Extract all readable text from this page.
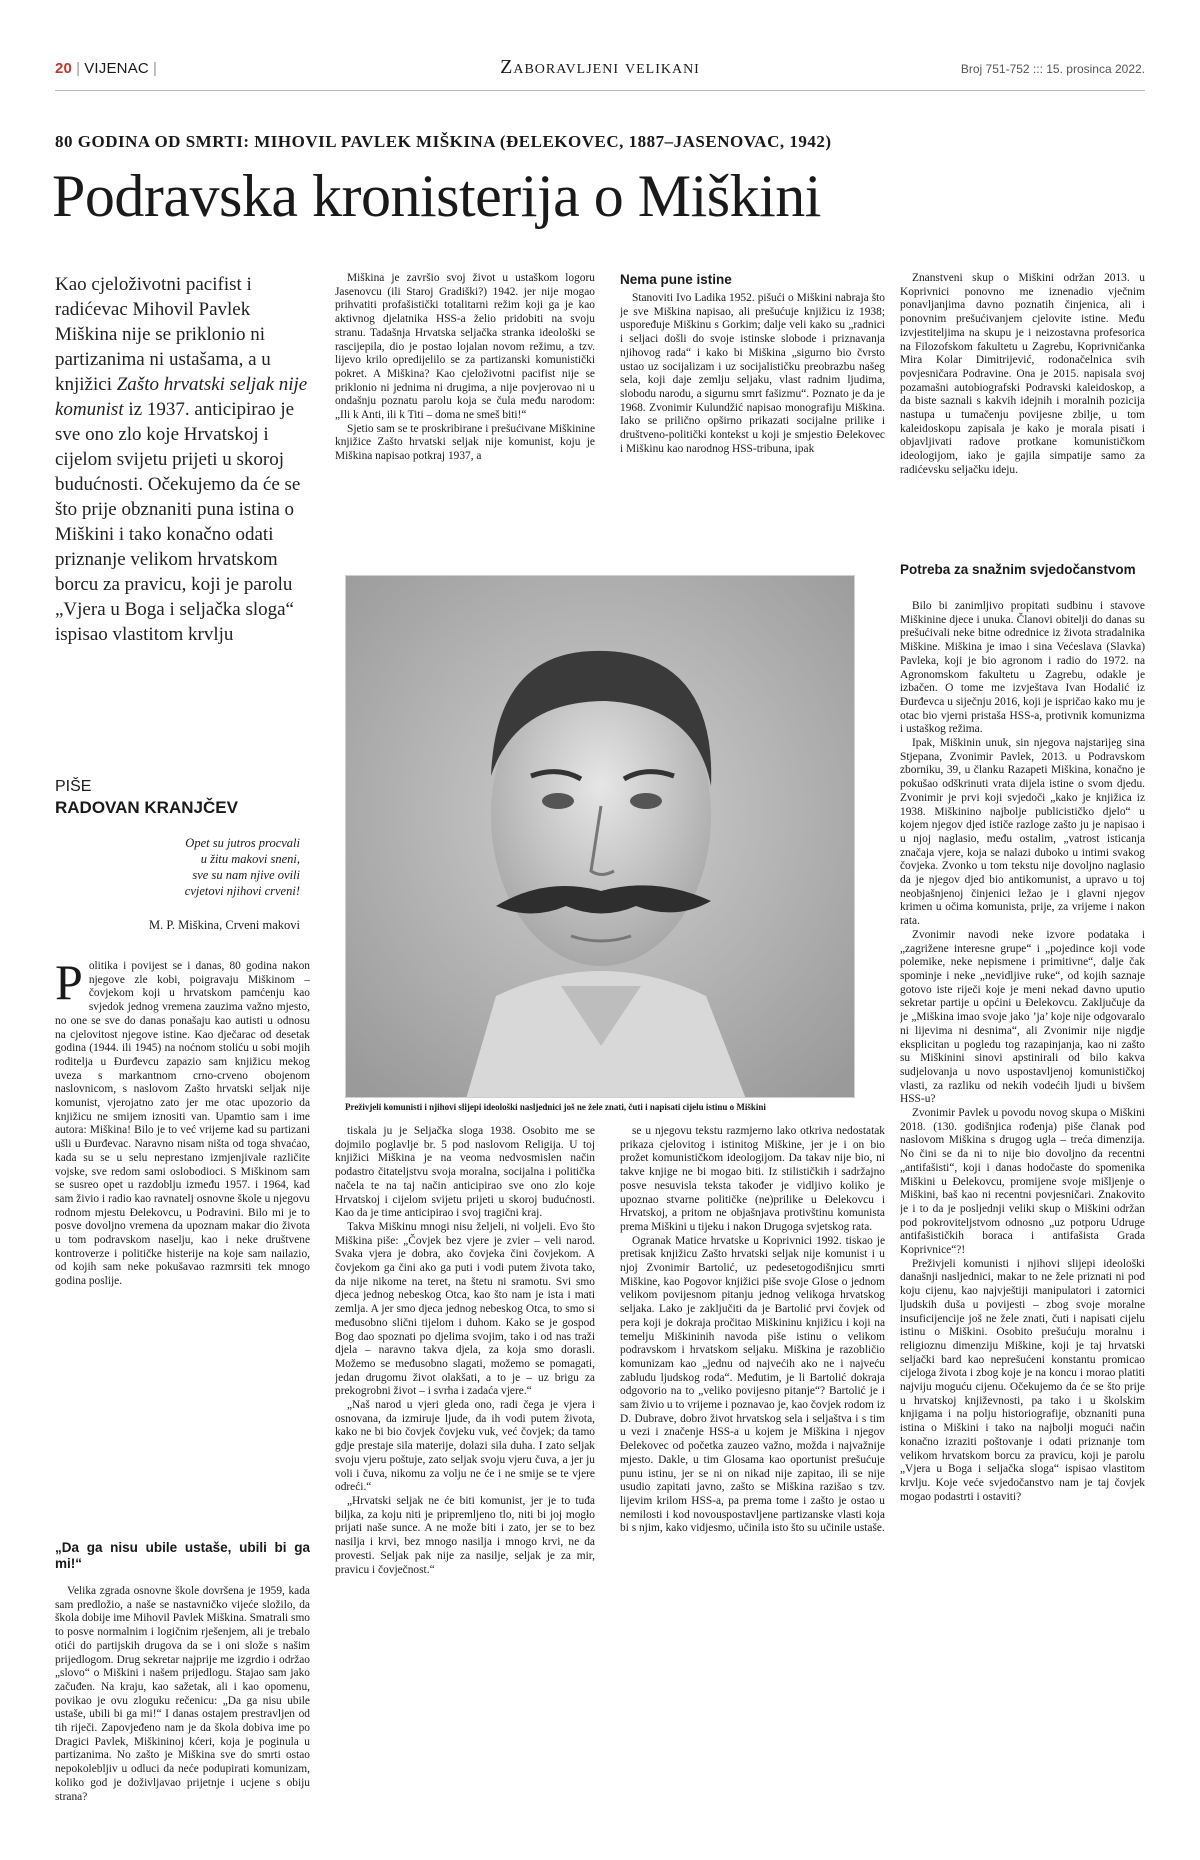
20 | VIJENAC |	Zaboravljeni velikani	Broj 751-752 ::: 15. prosinca 2022.
80 GODINA OD SMRTI: MIHOVIL PAVLEK MIŠKINA (ĐELEKOVEC, 1887–JASENOVAC, 1942)
Podravska kronisterija o Miškini
Kao cjeloživotni pacifist i radićevac Mihovil Pavlek Miškina nije se priklonio ni partizanima ni ustašama, a u knjižici Zašto hrvatski seljak nije komunist iz 1937. anticipirao je sve ono zlo koje Hrvatskoj i cijelom svijetu prijeti u skoroj budućnosti. Očekujemo da će se što prije obznaniti puna istina o Miškini i tako konačno odati priznanje velikom hrvatskom borcu za pravicu, koji je parolu „Vjera u Boga i seljačka sloga“ ispisao vlastitom krvlju
PIŠE
RADOVAN KRANJČEV
Opet su jutros procvali
u žitu makovi sneni,
sve su nam njive ovili
cvjetovi njihovi crveni!
M. P. Miškina, Crveni makovi

Politika i povijest se i danas, 80 godina nakon njegove zle kobi, poigravaju Miškinom – čovjekom koji u hrvatskom pamćenju kao svjedok jednog vremena zauzima važno mjesto, no one se sve do danas ponašaju kao autisti u odnosu na cjelovitost njegove istine. Kao dječarac od desetak godina (1944. ili 1945) na noćnom stoliću u sobi mojih roditelja u Đurđevcu zapazio sam knjižicu mekog uveza s markantnom crno-crveno obojenom naslovnicom, s naslovom Zašto hrvatski seljak nije komunist, vjerojatno zato jer me otac upozorio da knjižicu ne smijem iznositi van. Upamtio sam i ime autora: Miškina! Bilo je to već vrijeme kad su partizani ušli u Đurđevac. Naravno nisam ništa od toga shvaćao, kada su se u selu neprestano izmjenjivale različite vojske, sve redom sami oslobodioci. S Miškinom sam se susreo opet u razdoblju između 1957. i 1964, kad sam živio i radio kao ravnatelj osnovne škole u njegovu rodnom mjestu Đelekovcu, u Podravini. Bilo mi je to posve dovoljno vremena da upoznam makar dio života u tom podravskom naselju, kao i neke društvene kontroverze i političke histerije na koje sam nailazio, od kojih sam neke pokušavao razmrsiti tek mnogo godina poslije.

„Da ga nisu ubile ustaše, ubili bi ga mi!“

Velika zgrada osnovne škole dovršena je 1959, kada sam predložio, a naše se nastavničko vijeće složilo, da škola dobije ime Mihovil Pavlek Miškina. Smatrali smo to posve normalnim i logičnim rješenjem, ali je trebalo otići do partijskih drugova da se i oni slože s našim prijedlogom. Drug sekretar najprije me izgrdio i održao „slovo“ o Miškini i našem prijedlogu. Stajao sam jako začuđen. Na kraju, kao sažetak, ali i kao opomenu, povikao je ovu zloguku rečenicu: „Da ga nisu ubile ustaše, ubili bi ga mi!“ I danas ostajem prestravljen od tih riječi. Zapovjeđeno nam je da škola dobiva ime po Dragici Pavlek, Miškininoj kćeri, koja je poginula u partizanima. No zašto je Miškina sve do smrti ostao nepokolebljiv u odluci da neće podupirati komunizam, koliko god je doživljavao prijetnje i ucjene s obiju strana?

Miškina je završio svoj život u ustaškom logoru Jasenovcu (ili Staroj Gradiški?) 1942. jer nije mogao prihvatiti profašistički totalitarni režim koji ga je kao aktivnog djelatnika HSS-a želio pridobiti na svoju stranu. Tadašnja Hrvatska seljačka stranka ideološki se rascijepila, dio je postao lojalan novom režimu, a tzv. lijevo krilo opredijelilo se za partizanski komunistički pokret. A Miškina? Kao cjeloživotni pacifist nije se priklonio ni jednima ni drugima, a nije povjerovao ni u ondašnju poznatu parolu koja se čula među narodom: „Ili k Anti, ili k Titi – doma ne smeš biti!“

Sjetio sam se te proskribirane i prešućivane Miškinine knjižice Zašto hrvatski seljak nije komunist, koju je Miškina napisao potkraj 1937, a

Nema pune istine

Stanoviti Ivo Ladika 1952. pišući o Miškini nabraja što je sve Miškina napisao, ali prešućuje knjižicu iz 1938; uspoređuje Miškinu s Gorkim; dalje veli kako su „radnici i seljaci došli do svoje istinske slobode i priznavanja njihovog rada“ i kako bi Miškina „sigurno bio čvrsto ustao uz socijalizam i uz socijalističku preobrazbu našeg sela, koji daje zemlju seljaku, vlast radnim ljudima, slobodu narodu, a sigurnu smrt fašizmu“. Poznato je da je 1968. Zvonimir Kulundžić napisao monografiju Miškina. Iako se prilično opširno prikazati socijalne prilike i društveno-politički kontekst u koji je smjestio Đelekovec i Miškinu kao narodnog HSS-tribuna, ipak

Preživjeli komunisti i njihovi slijepi ideološki nasljednici još ne žele znati, čuti i napisati cijelu istinu o Miškini

tiskala ju je Seljačka sloga 1938. Osobito me se dojmilo poglavlje br. 5 pod naslovom Religija. U toj knjižici Miškina je na veoma nedvosmislen način podastro čitateljstvu svoja moralna, socijalna i politička načela te na taj način anticipirao sve ono zlo koje Hrvatskoj i cijelom svijetu prijeti u skoroj budućnosti. Kao da je time anticipirao i svoj tragični kraj.

Takva Miškinu mnogi nisu željeli, ni voljeli. Evo što Miškina piše: „Čovjek bez vjere je zvier – veli narod. Svaka vjera je dobra, ako čovjeka čini čovjekom. A čovjekom ga čini ako ga puti i vodi putem života tako, da nije nikome na teret, na štetu ni sramotu. Svi smo djeca jednog nebeskog Otca, kao što nam je ista i mati zemlja. A jer smo djeca jednog nebeskog Otca, to smo si međusobno slični tijelom i duhom. Kako se je gospod Bog dao spoznati po djelima svojim, tako i od nas traži djela – naravno takva djela, za koja smo dorasli. Možemo se međusobno slagati, možemo se pomagati, jedan drugomu život olakšati, a to je – uz brigu za prekogrobni život – i svrha i zadaća vjere.“

„Naš narod u vjeri gleda ono, radi čega je vjera i osnovana, da izmiruje ljude, da ih vodi putem života, kako ne bi bio čovjek čovjeku vuk, već čovjek; da tamo gdje prestaje sila materije, dolazi sila duha. I zato seljak svoju vjeru poštuje, zato seljak svoju vjeru čuva, a jer ju voli i čuva, nikomu za volju ne će i ne smije se te vjere odreći.“

„Hrvatski seljak ne će biti komunist, jer je to tuđa biljka, za koju niti je pripremljeno tlo, niti bi joj mogło prijati naše sunce. A ne može biti i zato, jer se to bez nasilja i krvi, bez mnogo nasilja i mnogo krvi, ne da provesti. Seljak pak nije za nasilje, seljak je za mir, pravicu i čovječnost.“

se u njegovu tekstu razmjerno lako otkriva nedostatak prikaza cjelovitog i istinitog Miškine, jer je i on bio prožet komunističkom ideologijom. Da takav nije bio, ni takve knjige ne bi mogao biti. Iz stilističkih i sadržajno posve nesuvisla teksta također je vidljivo koliko je upoznao stvarne političke (ne)prilike u Đelekovcu i Hrvatskoj, a pritom ne objašnjava protivštinu komunista prema Miškini u tijeku i nakon Drugoga svjetskog rata.

Ogranak Matice hrvatske u Koprivnici 1992. tiskao je pretisak knjižicu Zašto hrvatski seljak nije komunist i u njoj Zvonimir Bartolić, uz pedesetogodišnjicu smrti Miškine, kao Pogovor knjižici piše svoje Glose o jednom velikom povijesnom pitanju jednog velikoga hrvatskog seljaka. Lako je zaključiti da je Bartolić prvi čovjek od pera koji je dokraja pročitao Miškininu knjižicu i koji na temelju Miškininih navoda piše istinu o velikom podravskom i hrvatskom seljaku. Miškina je razobličio komunizam kao „jednu od najvećih ako ne i najveću zabludu ljudskog roda“. Međutim, je li Bartolić dokraja odgovorio na to „veliko povijesno pitanje“? Bartolić je i sam živio u to vrijeme i poznavao je, kao čovjek rodom iz D. Dubrave, dobro život hrvatskog sela i seljaštva i s tim u vezi i značenje HSS-a u kojem je Miškina i njegov Đelekovec od početka zauzeo važno, možda i najvažnije mjesto. Dakle, u tim Glosama kao oportunist prešućuje punu istinu, jer se ni on nikad nije zapitao, ili se nije usudio zapitati javno, zašto se Miškina razišao s tzv. lijevim krilom HSS-a, pa prema tome i zašto je ostao u nemilosti i kod novouspostavljene partizanske vlasti koja bi s njim, kako vidjesmo, učinila isto što su učinile ustaše.

Znanstveni skup o Miškini održan 2013. u Koprivnici ponovno me iznenadio vječnim ponavljanjima davno poznatih činjenica, ali i ponovnim prešućivanjem cjelovite istine. Među izvjestiteljima na skupu je i neizostavna profesorica na Filozofskom fakultetu u Zagrebu, Koprivničanka Mira Kolar Dimitrijević, rodonačelnica svih povjesničara Podravine. Ona je 2015. napisala svoj pozamašni autobiografski Podravski kaleidoskop, a da biste saznali s kakvih idejnih i moralnih pozicija nastupa u tumačenju povijesne zbilje, u tom kaleidoskopu zapisala je kako je morala pisati i objavljivati radove protkane komunističkom ideologijom, iako je gajila simpatije samo za radićevsku seljačku ideju.

Potreba za snažnim svjedočanstvom

Bilo bi zanimljivo propitati sudbinu i stavove Miškinine djece i unuka. Članovi obitelji do danas su prešućivali neke bitne odrednice iz života stradalnika Miškine. Miškina je imao i sina Većeslava (Slavka) Pavleka, koji je bio agronom i radio do 1972. na Agronomskom fakultetu u Zagrebu, odakle je izbačen. O tome me izvještava Ivan Hodalić iz Đurđevca u siječnju 2016, koji je ispričao kako mu je otac bio vjerni pristaša HSS-a, protivnik komunizma i ustaškog režima.

Ipak, Miškinin unuk, sin njegova najstarijeg sina Stjepana, Zvonimir Pavlek, 2013. u Podravskom zborniku, 39, u članku Razapeti Miškina, konačno je pokušao odškrinuti vrata dijela istine o svom djedu. Zvonimir je prvi koji svjedoči „kako je knjižica iz 1938. Miškinino najbolje publicističko djelo“ u kojem njegov djed ističe razloge zašto ju je napisao i u njoj naglasio, među ostalim, „vatrost isticanja značaja vjere, koja se nalazi duboko u intimi svakog čovjeka. Zvonko u tom tekstu nije dovoljno naglasio da je njegov djed bio antikomunist, a upravo u toj neobjašnjenoj činjenici ležao je i glavni njegov krimen u očima komunista, prije, za vrijeme i nakon rata.

Zvonimir navodi neke izvore podataka i „zagriženе interesne grupe“ i „pojedince koji vode polemike, neke nepismene i primitivne“, dalje čak spominje i neke „nevidljive ruke“, od kojih saznaje gotovo iste riječi koje je meni nekad davno uputio sekretar partije u općini u Đelekovcu. Zaključuje da je „Miškina imao svoje jako ’ja’ koje nije odgovaralo ni lijevima ni desnima“, ali Zvonimir nije nigdje eksplicitan u pogledu tog razapinjanja, kao ni zašto su Miškinini sinovi apstinirali od bilo kakva sudjelovanja u novo uspostavljenoj komunističkoj vlasti, za razliku od nekih vodećih ljudi u bivšem HSS-u?

Zvonimir Pavlek u povodu novog skupa o Miškini 2018. (130. godišnjica rođenja) piše članak pod naslovom Miškina s drugog ugla – treća dimenzija. No čini se da ni to nije bio dovoljno da recentni „antifašisti“, koji i danas hodočaste do spomenika Miškini u Đelekovcu, promijene svoje mišljenje o Miškini, baš kao ni recentni povjesničari. Znakovito je i to da je posljednji veliki skup o Miškini održan pod pokroviteljstvom odnosno „uz potporu Udruge antifašističkih boraca i antifašista Grada Koprivnice“?!

Preživjeli komunisti i njihovi slijepi ideološki današnji nasljednici, makar to ne žele priznati ni pod koju cijenu, kao najvještiji manipulatori i zatornici ljudskih duša u povijesti – zbog svoje moralne insuficijencije još ne žele znati, čuti i napisati cijelu istinu o Miškini. Osobito prešućuju moralnu i religioznu dimenziju Miškine, koji je taj hrvatski seljački bard kao neprešućeni konstantu promicao cijeloga života i zbog koje je na koncu i morao platiti najviju moguću cijenu. Očekujemo da će se što prije u hrvatskoj književnosti, pa tako i u školskim knjigama i na polju historiografije, obznaniti puna istina o Miškini i tako na najbolji mogući način konačno izraziti poštovanje i odati priznanje tom velikom hrvatskom borcu za pravicu, koji je parolu „Vjera u Boga i seljačka sloga“ ispisao vlastitom krvlju. Koje veće svjedočanstvo nam je taj čovjek mogao podastrti i ostaviti?
